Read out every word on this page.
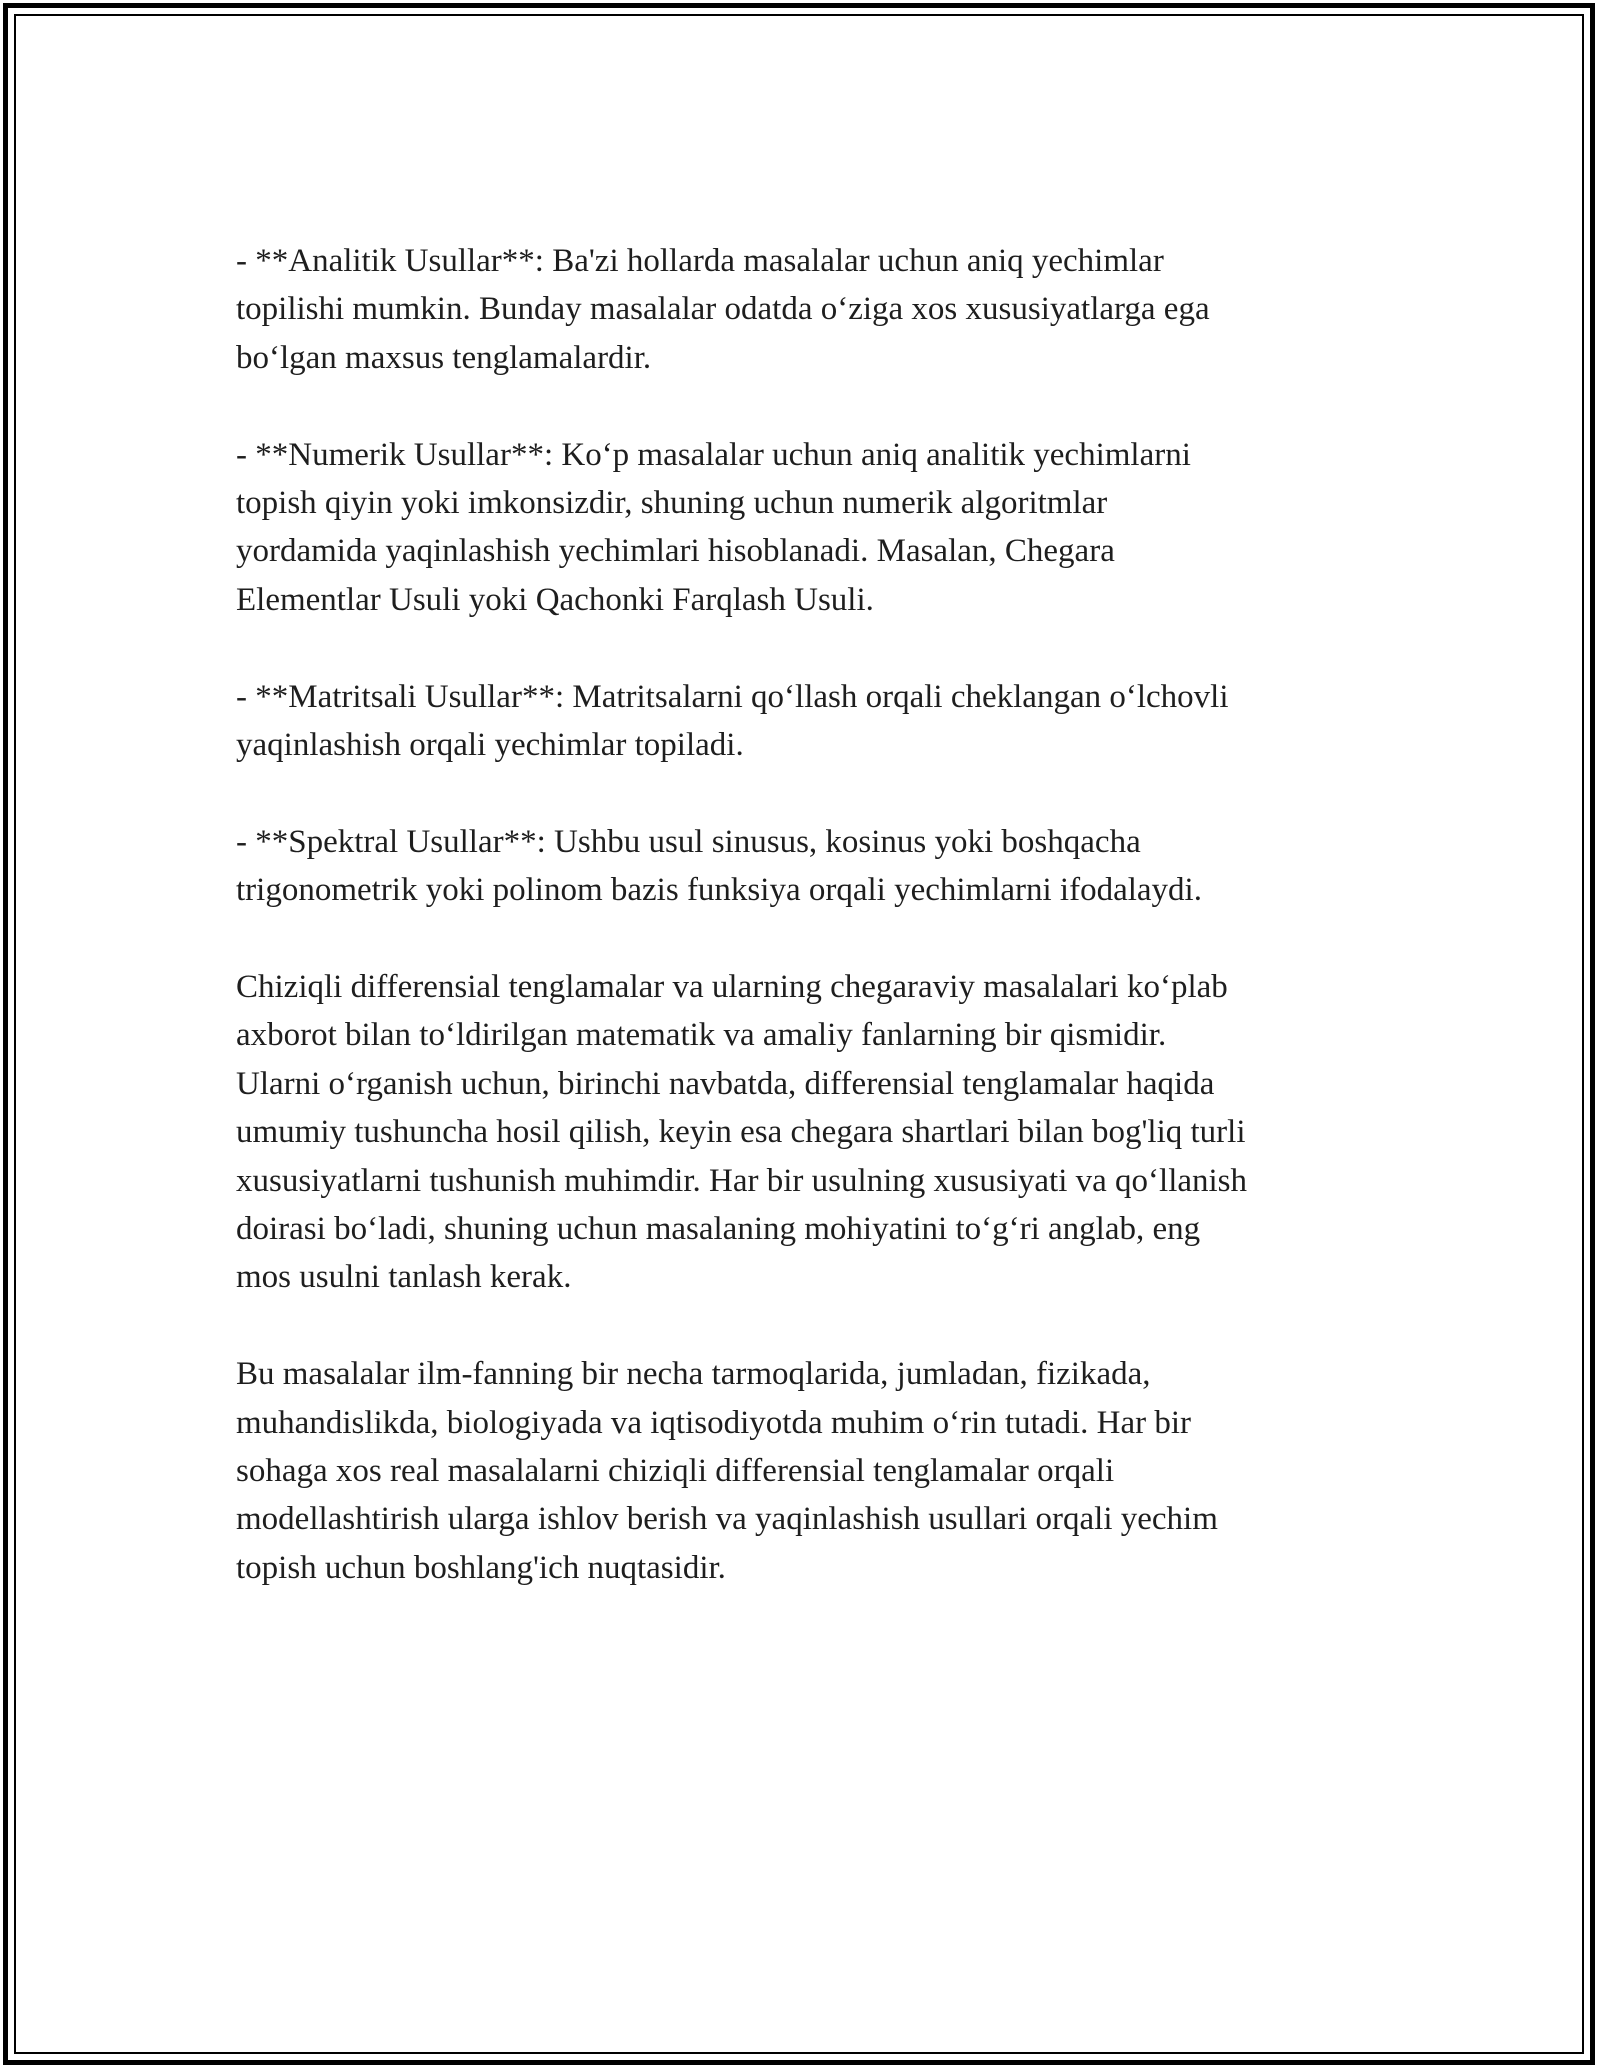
- **Analitik Usullar**: Ba'zi hollarda masalalar uchun aniq yechimlar
topilishi mumkin. Bunday masalalar odatda o‘ziga xos xususiyatlarga ega
bo‘lgan maxsus tenglamalardir.

- **Numerik Usullar**: Ko‘p masalalar uchun aniq analitik yechimlarni
topish qiyin yoki imkonsizdir, shuning uchun numerik algoritmlar
yordamida yaqinlashish yechimlari hisoblanadi. Masalan, Chegara
Elementlar Usuli yoki Qachonki Farqlash Usuli.

- **Matritsali Usullar**: Matritsalarni qo‘llash orqali cheklangan o‘lchovli
yaqinlashish orqali yechimlar topiladi.

- **Spektral Usullar**: Ushbu usul sinusus, kosinus yoki boshqacha
trigonometrik yoki polinom bazis funksiya orqali yechimlarni ifodalaydi.

Chiziqli differensial tenglamalar va ularning chegaraviy masalalari ko‘plab
axborot bilan to‘ldirilgan matematik va amaliy fanlarning bir qismidir.
Ularni o‘rganish uchun, birinchi navbatda, differensial tenglamalar haqida
umumiy tushuncha hosil qilish, keyin esa chegara shartlari bilan bog'liq turli
xususiyatlarni tushunish muhimdir. Har bir usulning xususiyati va qo‘llanish
doirasi bo‘ladi, shuning uchun masalaning mohiyatini to‘g‘ri anglab, eng
mos usulni tanlash kerak.

Bu masalalar ilm-fanning bir necha tarmoqlarida, jumladan, fizikada,
muhandislikda, biologiyada va iqtisodiyotda muhim o‘rin tutadi. Har bir
sohaga xos real masalalarni chiziqli differensial tenglamalar orqali
modellashtirish ularga ishlov berish va yaqinlashish usullari orqali yechim
topish uchun boshlang'ich nuqtasidir.
